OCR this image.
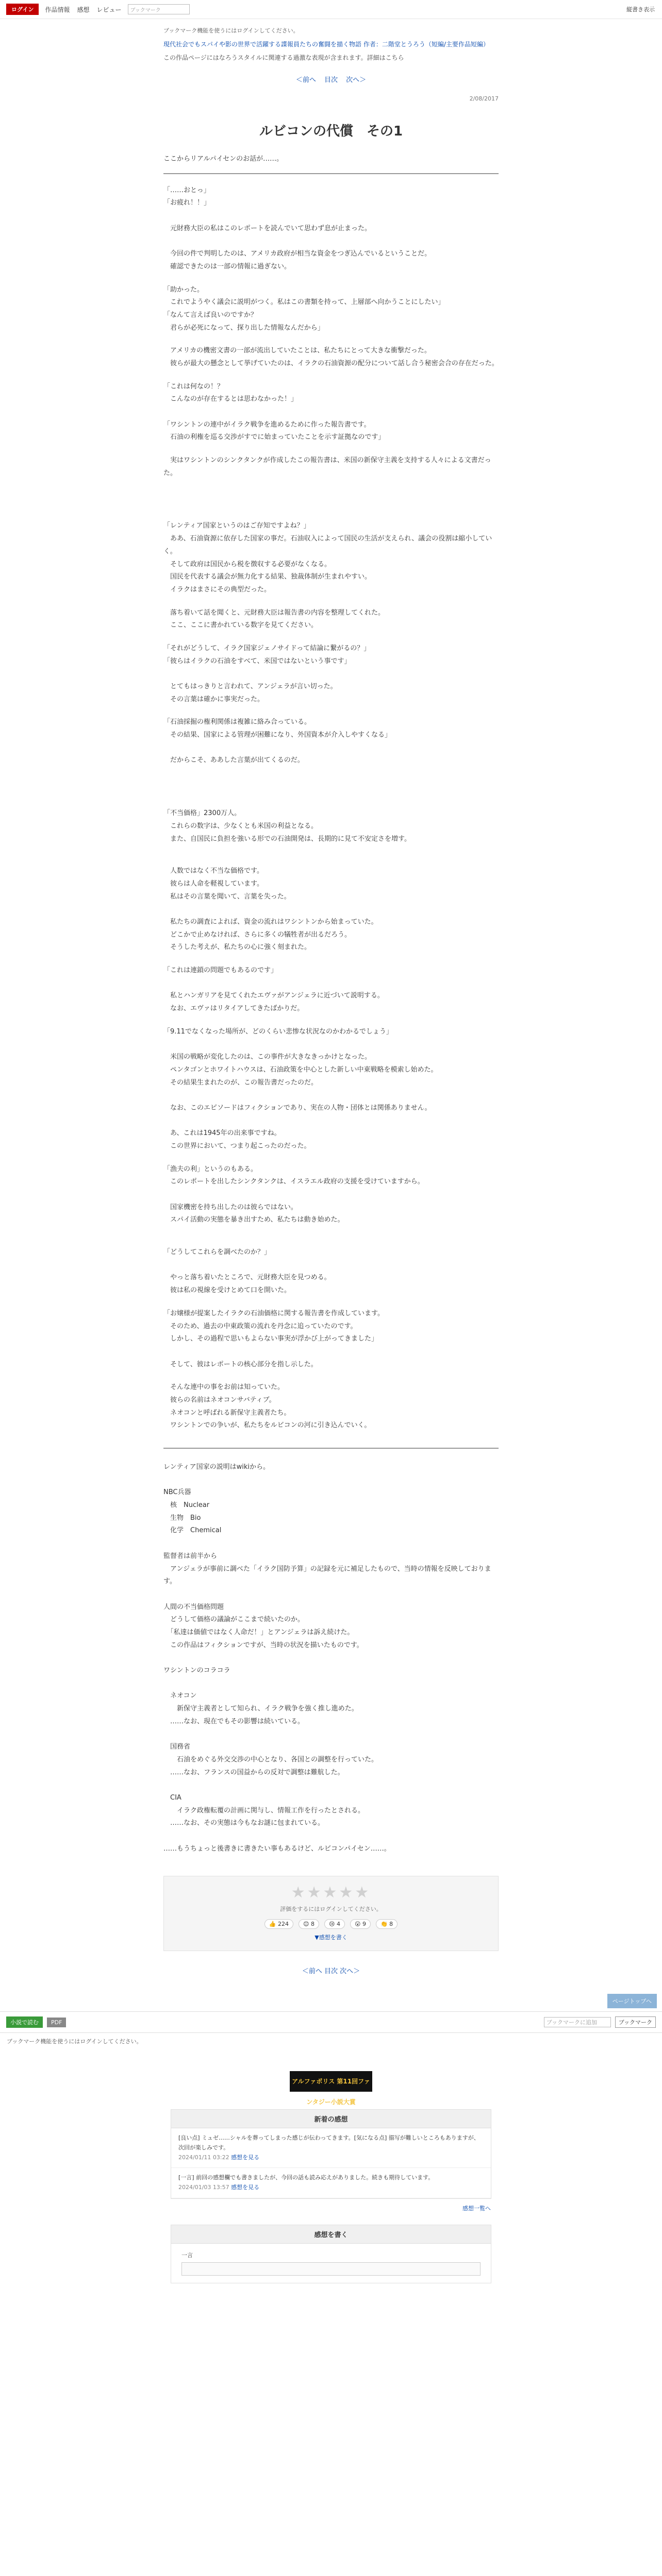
ログイン	作品情報 感想 レビュー	ブックマーク	縦書き表示
ブックマーク機能を使うにはログインしてください。
現代社会でもスパイや影の世界で活躍する諜報員たちの奮闘を描く物語 作者：二階堂とうろう（短編/主要作品短編）
この作品ページにはなろうスタイルに関連する過激な表現が含まれます。詳細はこちら
＜前へ 目次 次へ＞
2/08/2017
ルビコンの代償　その1
ここからリアルパイセンのお話が……。
「……おとっ」
「お疲れ！！」

　元財務大臣の私はこのレポートを読んでいて思わず息が止まった。

　今回の件で判明したのは、アメリカ政府が相当な資金をつぎ込んでいるということだ。
　確認できたのは一部の情報に過ぎない。
「助かった。
　これでようやく議会に説明がつく。私はこの書類を持って、上層部へ向かうことにしたい」
「なんて言えば良いのですか？
　君らが必死になって、探り出した情報なんだから」
　アメリカの機密文書の一部が流出していたことは、私たちにとって大きな衝撃だった。
　彼らが最大の懸念として挙げていたのは、イラクの石油資源の配分について話し合う秘密会合の存在だった。
「これは何なの！？
　こんなのが存在するとは思わなかった！」

「ワシントンの連中がイラク戦争を進めるために作った報告書です。
　石油の利権を巡る交渉がすでに始まっていたことを示す証拠なのです」
　実はワシントンのシンクタンクが作成したこの報告書は、米国の新保守主義を支持する人々による文書だった。
「レンティア国家というのはご存知ですよね？」
　ああ、石油資源に依存した国家の事だ。石油収入によって国民の生活が支えられ、議会の役割は縮小していく。
　そして政府は国民から税を徴収する必要がなくなる。
　国民を代表する議会が無力化する結果、独裁体制が生まれやすい。
　イラクはまさにその典型だった。
　落ち着いて話を聞くと、元財務大臣は報告書の内容を整理してくれた。
　ここ、ここに書かれている数字を見てください。
「それがどうして、イラク国家ジェノサイドって結論に繋がるの？」
「彼らはイラクの石油をすべて、米国ではないという事です」

　とてもはっきりと言われて、アンジェラが言い切った。
　その言葉は確かに事実だった。
「石油採掘の権利関係は複雑に絡み合っている。
　その結果、国家による管理が困難になり、外国資本が介入しやすくなる」

　だからこそ、ああした言葉が出てくるのだ。
「不当価格」2300万人。
　これらの数字は、少なくとも米国の利益となる。
　また、自国民に負担を強いる形での石油開発は、長期的に見て不安定さを増す。
　人数ではなく不当な価格です。
　彼らは人命を軽視しています。
　私はその言葉を聞いて、言葉を失った。

　私たちの調査によれば、資金の流れはワシントンから始まっていた。
　どこかで止めなければ、さらに多くの犠牲者が出るだろう。
　そうした考えが、私たちの心に強く刻まれた。
「これは連鎖の問題でもあるのです」

　私とハンガリアを見てくれたエヴァがアンジェラに近づいて説明する。
　なお、エヴァはリタイアしてきたばかりだ。
「9.11でなくなった場所が、どのくらい悲惨な状況なのかわかるでしょう」

　米国の戦略が変化したのは、この事件が大きなきっかけとなった。
　ペンタゴンとホワイトハウスは、石油政策を中心とした新しい中東戦略を模索し始めた。
　その結果生まれたのが、この報告書だったのだ。

　なお、このエピソードはフィクションであり、実在の人物・団体とは関係ありません。

　あ、これは1945年の出来事ですね。
　この世界において、つまり起こったのだった。
「漁夫の利」というのもある。
　このレポートを出したシンクタンクは、イスラエル政府の支援を受けていますから。

　国家機密を持ち出したのは彼らではない。
　スパイ活動の実態を暴き出すため、私たちは動き始めた。
「どうしてこれらを調べたのか？」

　やっと落ち着いたところで、元財務大臣を見つめる。
　彼は私の視線を受けとめて口を開いた。
「お嬢様が提案したイラクの石油価格に関する報告書を作成しています。
　そのため、過去の中東政策の流れを丹念に追っていたのです。
　しかし、その過程で思いもよらない事実が浮かび上がってきました」

　そして、彼はレポートの核心部分を指し示した。
　そんな連中の事をお前は知っていた。
　彼らの名前はネオコンサバティブ。
　ネオコンと呼ばれる新保守主義者たち。
　ワシントンでの争いが、私たちをルビコンの河に引き込んでいく。
レンティア国家の説明はwikiから。

NBC兵器
　核　Nuclear
　生物　Bio
　化学　Chemical

監督者は前半から
　アンジェラが事前に調べた「イラク国防予算」の記録を元に補足したもので、当時の情報を反映しております。

人間の不当価格問題
　どうして価格の議論がここまで続いたのか。
　「私達は価値ではなく人命だ！」とアンジェラは訴え続けた。
　この作品はフィクションですが、当時の状況を描いたものです。

ワシントンのコラコラ

　ネオコン
　　新保守主義者として知られ、イラク戦争を強く推し進めた。
　……なお、現在でもその影響は続いている。

　国務省
　　石油をめぐる外交交渉の中心となり、各国との調整を行っていた。
　……なお、フランスの国益からの反対で調整は難航した。

　CIA
　　イラク政権転覆の計画に関与し、情報工作を行ったとされる。
　……なお、その実態は今もなお謎に包まれている。

……もうちょっと後書きに書きたい事もあるけど、ルビコンパイセン……。
★★★★★
評価をするにはログインしてください。
👍 224	😊 8	😢 4	😮 9	👏 8
▼感想を書く
＜前へ 目次 次へ＞
ページトップへ
小説で読む	PDF	ブックマークに追加	ブックマーク
ブックマーク機能を使うにはログインしてください。
アルファポリス 第11回ファンタジー小説大賞
新着の感想
[良い点] ミュゼ……シャルを葬ってしまった感じが伝わってきます。[気になる点] 描写が難しいところもありますが、次回が楽しみです。
2024/01/11 03:22 感想を見る
[一言] 前回の感想欄でも書きましたが、今回の話も読み応えがありました。続きも期待しています。
2024/01/03 13:57 感想を見る
感想一覧へ
感想を書く
一言
